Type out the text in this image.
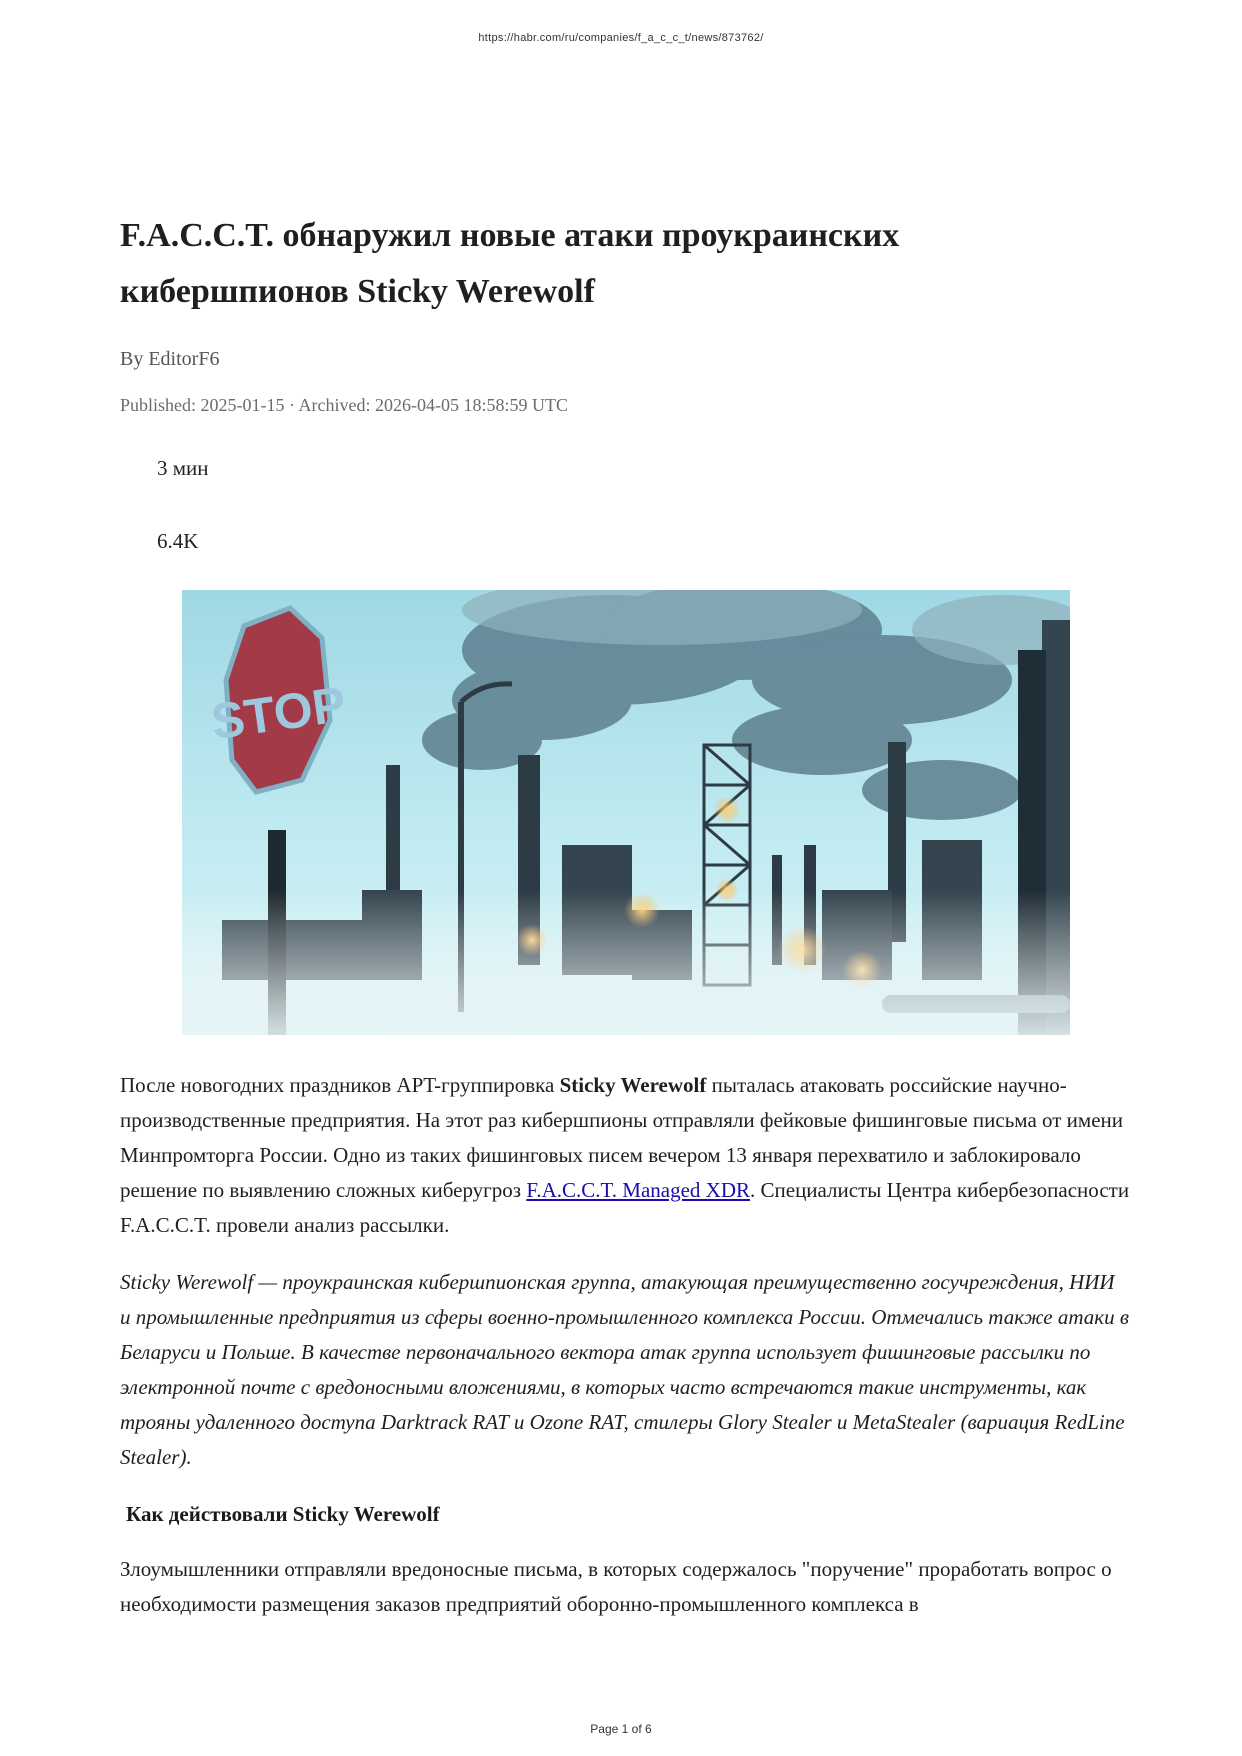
https://habr.com/ru/companies/f_a_c_c_t/news/873762/
F.A.C.C.T. обнаружил новые атаки проукраинских кибершпионов Sticky Werewolf
By EditorF6
Published: 2025-01-15 · Archived: 2026-04-05 18:58:59 UTC
3 мин
6.4K
STOP

После новогодних праздников APT-группировка Sticky Werewolf пыталась атаковать российские научно-производственные предприятия. На этот раз кибершпионы отправляли фейковые фишинговые письма от имени Минпромторга России. Одно из таких фишинговых писем вечером 13 января перехватило и заблокировало решение по выявлению сложных киберугроз F.A.C.C.T. Managed XDR. Специалисты Центра кибербезопасности F.A.C.C.T. провели анализ рассылки.

Sticky Werewolf — проукраинская кибершпионская группа, атакующая преимущественно госучреждения, НИИ и промышленные предприятия из сферы военно-промышленного комплекса России. Отмечались также атаки в Беларуси и Польше. В качестве первоначального вектора атак группа использует фишинговые рассылки по электронной почте с вредоносными вложениями, в которых часто встречаются такие инструменты, как трояны удаленного доступа Darktrack RAT и Ozone RAT, стилеры Glory Stealer и MetaStealer (вариация RedLine Stealer).

Как действовали Sticky Werewolf

Злоумышленники отправляли вредоносные письма, в которых содержалось "поручение" проработать вопрос о необходимости размещения заказов предприятий оборонно-промышленного комплекса в

Page 1 of 6
